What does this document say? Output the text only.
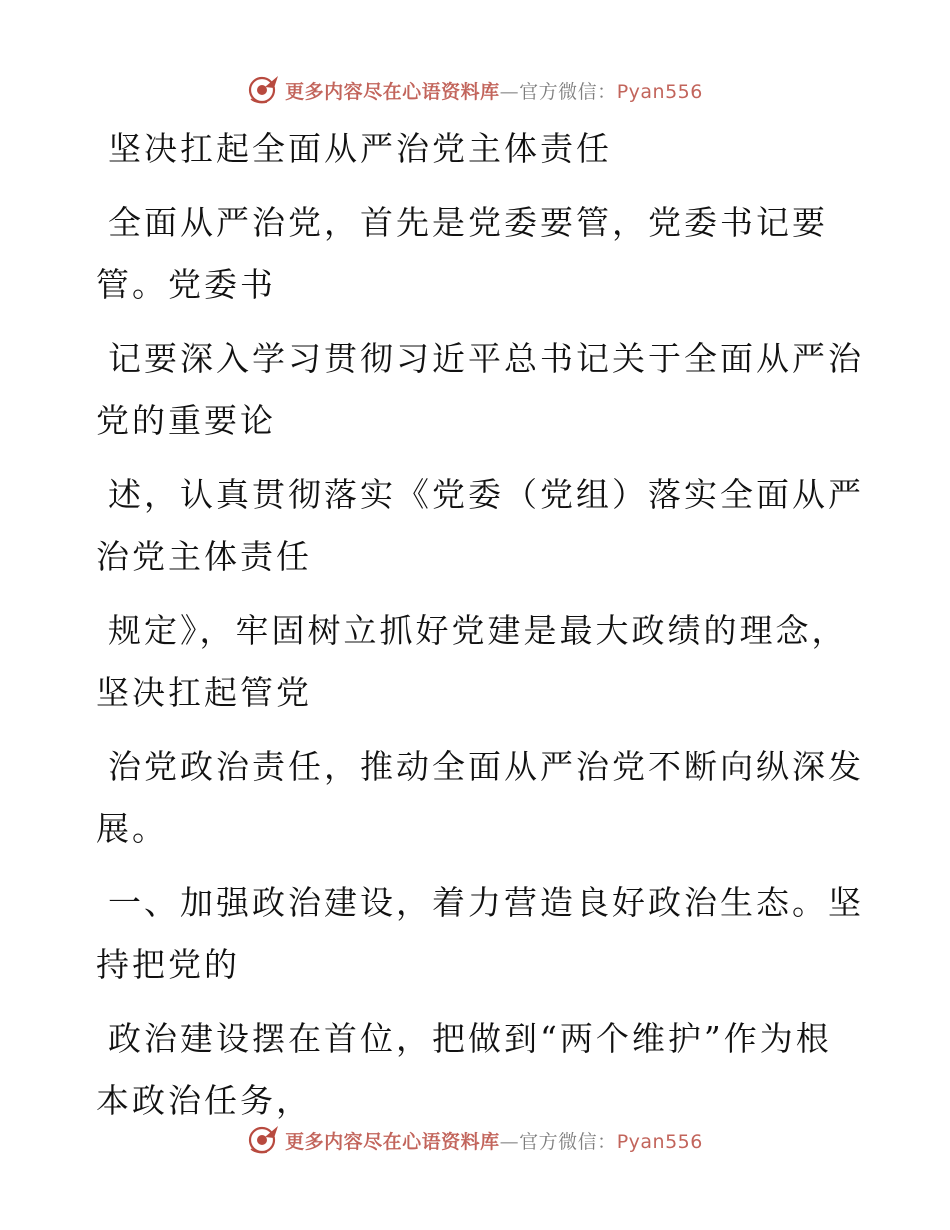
更多内容尽在心语资料库—官方微信：Pyan556

坚决扛起全面从严治党主体责任

全面从严治党，首先是党委要管，党委书记要
管。党委书

记要深入学习贯彻习近平总书记关于全面从严治
党的重要论

述，认真贯彻落实《党委（党组）落实全面从严
治党主体责任

规定》，牢固树立抓好党建是最大政绩的理念，
坚决扛起管党

治党政治责任，推动全面从严治党不断向纵深发
展。

一、加强政治建设，着力营造良好政治生态。坚
持把党的

政治建设摆在首位，把做到“两个维护”作为根
本政治任务，

更多内容尽在心语资料库—官方微信：Pyan556
